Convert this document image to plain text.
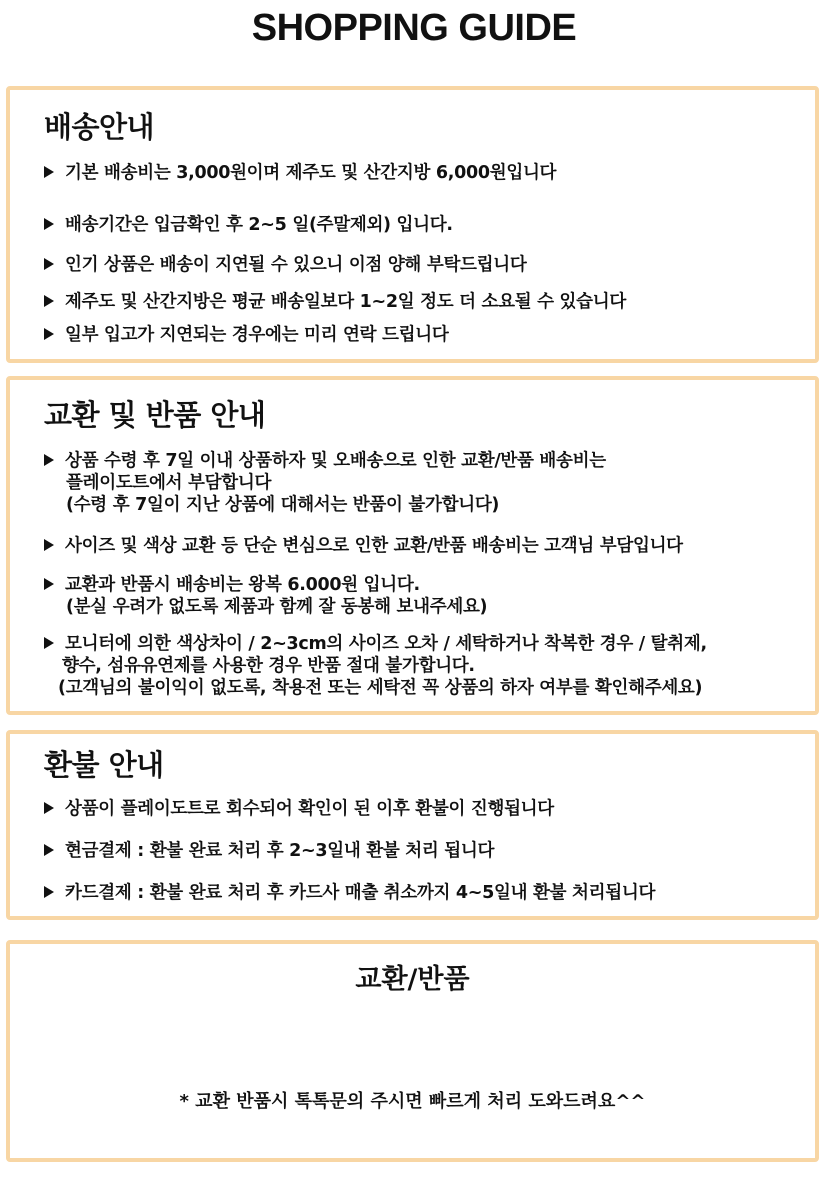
SHOPPING GUIDE
배송안내
기본 배송비는 3,000원이며 제주도 및 산간지방 6,000원입니다
배송기간은 입금확인 후 2~5 일(주말제외) 입니다.
인기 상품은 배송이 지연될 수 있으니 이점 양해 부탁드립니다
제주도 및 산간지방은 평균 배송일보다 1~2일 정도 더 소요될 수 있습니다
일부 입고가 지연되는 경우에는 미리 연락 드립니다
교환 및 반품 안내
상품 수령 후 7일 이내 상품하자 및 오배송으로 인한 교환/반품 배송비는
플레이도트에서 부담합니다
(수령 후 7일이 지난 상품에 대해서는 반품이 불가합니다)
사이즈 및 색상 교환 등 단순 변심으로 인한 교환/반품 배송비는 고객님 부담입니다
교환과 반품시 배송비는 왕복 6.000원 입니다.
(분실 우려가 없도록 제품과 함께 잘 동봉해 보내주세요)
모니터에 의한 색상차이 / 2~3cm의 사이즈 오차 / 세탁하거나 착복한 경우 / 탈취제,
향수, 섬유유연제를 사용한 경우 반품 절대 불가합니다.
(고객님의 불이익이 없도록, 착용전 또는 세탁전 꼭 상품의 하자 여부를 확인해주세요)
환불 안내
상품이 플레이도트로 회수되어 확인이 된 이후 환불이 진행됩니다
현금결제 : 환불 완료 처리 후 2~3일내 환불 처리 됩니다
카드결제 : 환불 완료 처리 후 카드사 매출 취소까지 4~5일내 환불 처리됩니다
교환/반품
* 교환 반품시 톡톡문의 주시면 빠르게 처리 도와드려요^^
